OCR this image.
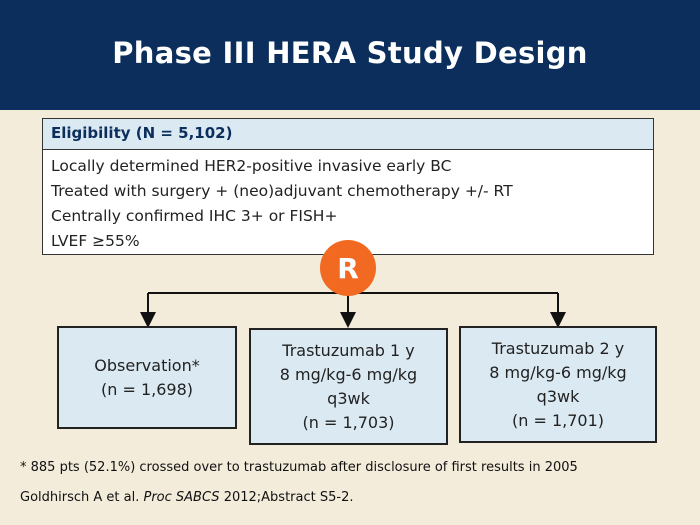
Phase III HERA Study Design
Eligibility (N = 5,102)
Locally determined HER2-positive invasive early BC
Treated with surgery + (neo)adjuvant chemotherapy +/- RT
Centrally confirmed IHC 3+ or FISH+
LVEF ≥55%
R
Observation*
(n = 1,698)
Trastuzumab 1 y
8 mg/kg-6 mg/kg
q3wk
(n = 1,703)
Trastuzumab 2 y
8 mg/kg-6 mg/kg
q3wk
(n = 1,701)
* 885 pts (52.1%) crossed over to trastuzumab after disclosure of first results in 2005
Goldhirsch A et al. Proc SABCS 2012;Abstract S5-2.
